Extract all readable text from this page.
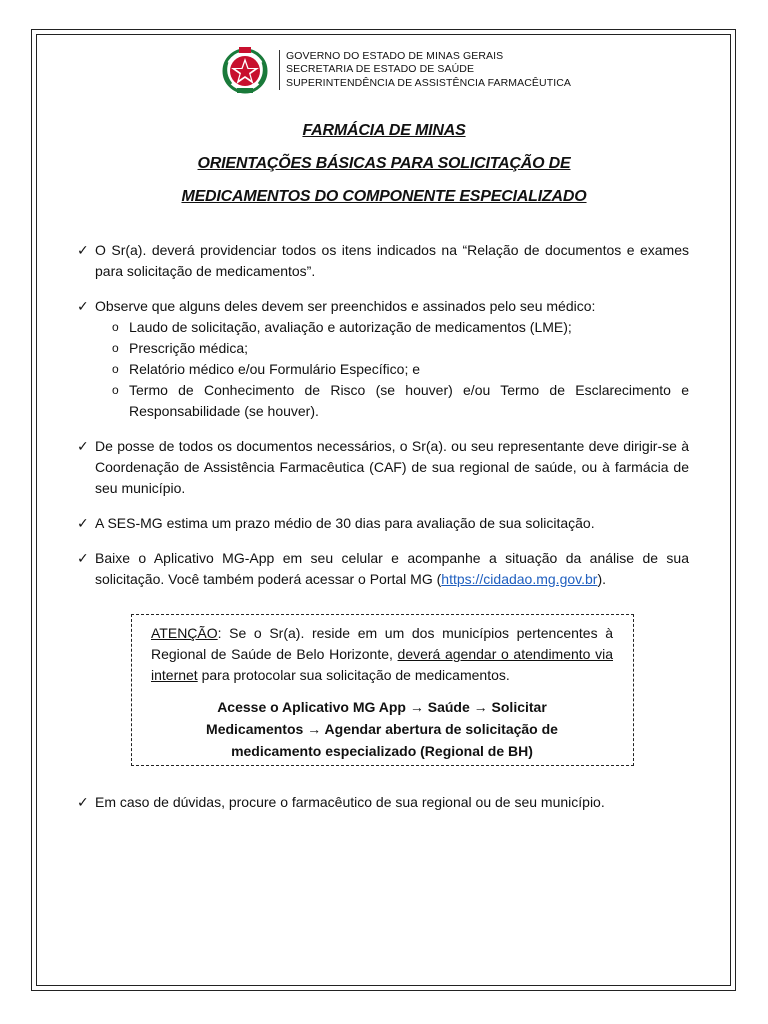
GOVERNO DO ESTADO DE MINAS GERAIS
SECRETARIA DE ESTADO DE SAÚDE
SUPERINTENDÊNCIA DE ASSISTÊNCIA FARMACÊUTICA
FARMÁCIA DE MINAS
ORIENTAÇÕES BÁSICAS PARA SOLICITAÇÃO DE
MEDICAMENTOS DO COMPONENTE ESPECIALIZADO
✓ O Sr(a). deverá providenciar todos os itens indicados na “Relação de documentos e exames para solicitação de medicamentos”.
✓ Observe que alguns deles devem ser preenchidos e assinados pelo seu médico:
o Laudo de solicitação, avaliação e autorização de medicamentos (LME);
o Prescrição médica;
o Relatório médico e/ou Formulário Específico; e
o Termo de Conhecimento de Risco (se houver) e/ou Termo de Esclarecimento e Responsabilidade (se houver).
✓ De posse de todos os documentos necessários, o Sr(a). ou seu representante deve dirigir-se à Coordenação de Assistência Farmacêutica (CAF) de sua regional de saúde, ou à farmácia de seu município.
✓ A SES-MG estima um prazo médio de 30 dias para avaliação de sua solicitação.
✓ Baixe o Aplicativo MG-App em seu celular e acompanhe a situação da análise de sua solicitação. Você também poderá acessar o Portal MG (https://cidadao.mg.gov.br).
ATENÇÃO: Se o Sr(a). reside em um dos municípios pertencentes à Regional de Saúde de Belo Horizonte, deverá agendar o atendimento via internet para protocolar sua solicitação de medicamentos.
Acesse o Aplicativo MG App → Saúde → Solicitar
Medicamentos → Agendar abertura de solicitação de
medicamento especializado (Regional de BH)
✓ Em caso de dúvidas, procure o farmacêutico de sua regional ou de seu município.
